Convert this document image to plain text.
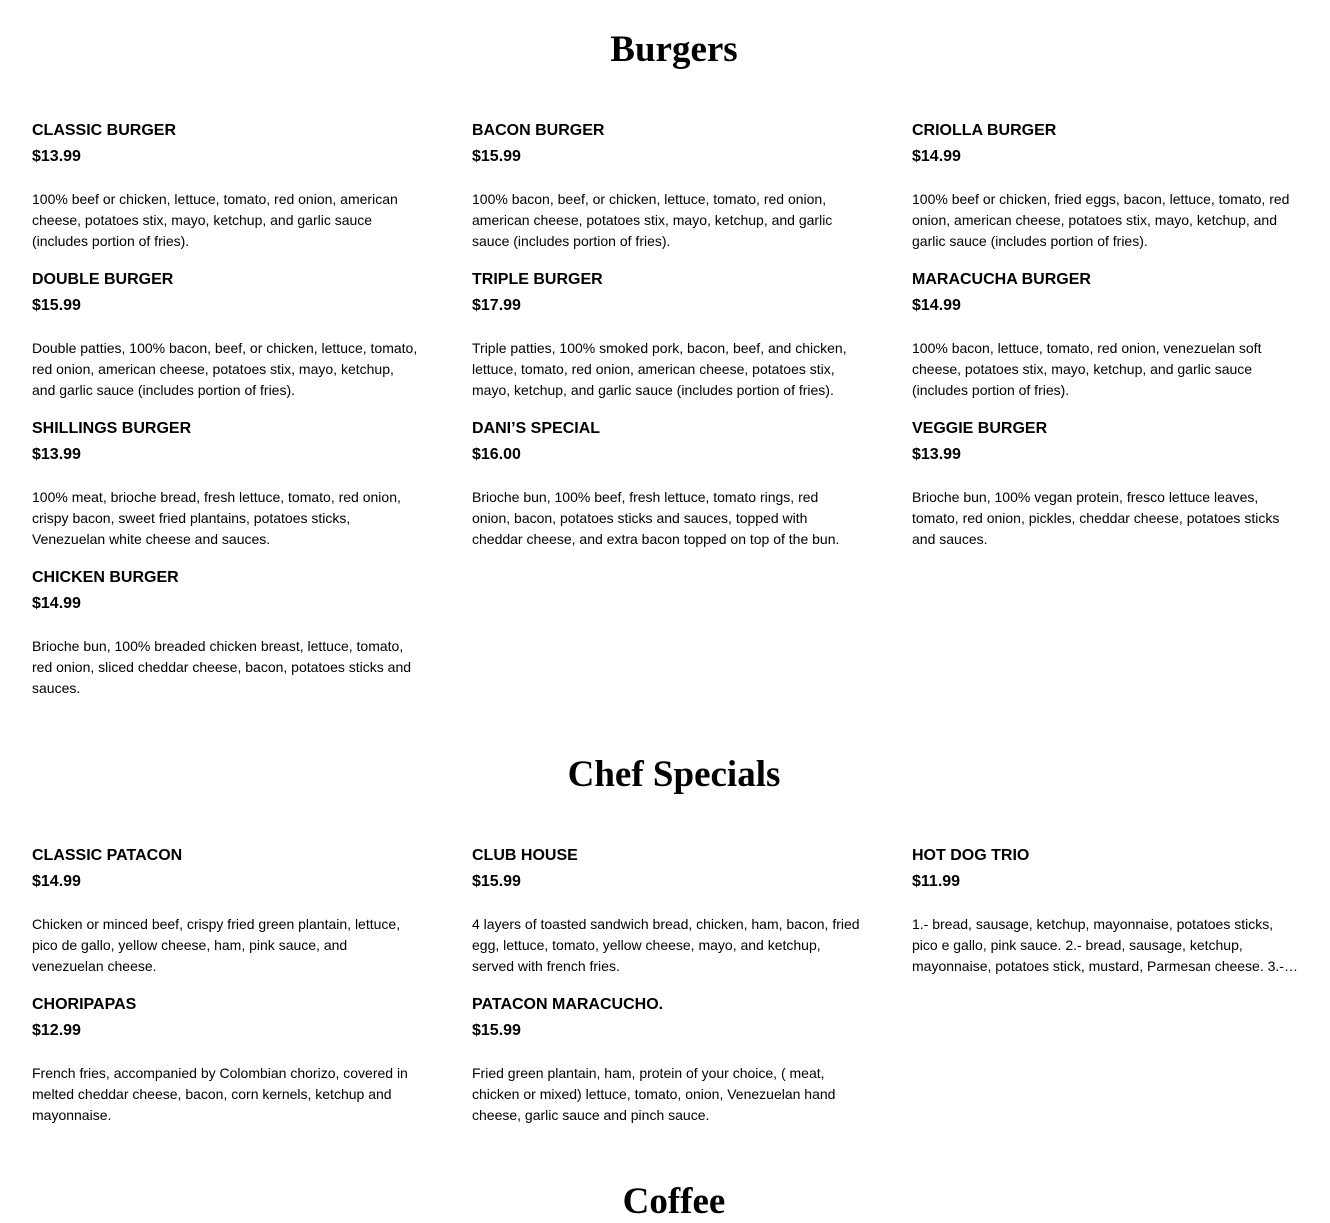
Burgers
CLASSIC BURGER
$13.99
100% beef or chicken, lettuce, tomato, red onion, american cheese, potatoes stix, mayo, ketchup, and garlic sauce (includes portion of fries).
BACON BURGER
$15.99
100% bacon, beef, or chicken, lettuce, tomato, red onion, american cheese, potatoes stix, mayo, ketchup, and garlic sauce (includes portion of fries).
CRIOLLA BURGER
$14.99
100% beef or chicken, fried eggs, bacon, lettuce, tomato, red onion, american cheese, potatoes stix, mayo, ketchup, and garlic sauce (includes portion of fries).
DOUBLE BURGER
$15.99
Double patties, 100% bacon, beef, or chicken, lettuce, tomato, red onion, american cheese, potatoes stix, mayo, ketchup, and garlic sauce (includes portion of fries).
TRIPLE BURGER
$17.99
Triple patties, 100% smoked pork, bacon, beef, and chicken, lettuce, tomato, red onion, american cheese, potatoes stix, mayo, ketchup, and garlic sauce (includes portion of fries).
MARACUCHA BURGER
$14.99
100% bacon, lettuce, tomato, red onion, venezuelan soft cheese, potatoes stix, mayo, ketchup, and garlic sauce (includes portion of fries).
SHILLINGS BURGER
$13.99
100% meat, brioche bread, fresh lettuce, tomato, red onion, crispy bacon, sweet fried plantains, potatoes sticks, Venezuelan white cheese and sauces.
DANI’S SPECIAL
$16.00
Brioche bun, 100% beef, fresh lettuce, tomato rings, red onion, bacon, potatoes sticks and sauces, topped with cheddar cheese, and extra bacon topped on top of the bun.
VEGGIE BURGER
$13.99
Brioche bun, 100% vegan protein, fresco lettuce leaves, tomato, red onion, pickles, cheddar cheese, potatoes sticks and sauces.
CHICKEN BURGER
$14.99
Brioche bun, 100% breaded chicken breast, lettuce, tomato, red onion, sliced cheddar cheese, bacon, potatoes sticks and sauces.
Chef Specials
CLASSIC PATACON
$14.99
Chicken or minced beef, crispy fried green plantain, lettuce, pico de gallo, yellow cheese, ham, pink sauce, and venezuelan cheese.
CLUB HOUSE
$15.99
4 layers of toasted sandwich bread, chicken, ham, bacon, fried egg, lettuce, tomato, yellow cheese, mayo, and ketchup, served with french fries.
HOT DOG TRIO
$11.99
1.- bread, sausage, ketchup, mayonnaise, potatoes sticks, pico e gallo, pink sauce. 2.- bread, sausage, ketchup, mayonnaise, potatoes stick, mustard, Parmesan cheese. 3.-…
CHORIPAPAS
$12.99
French fries, accompanied by Colombian chorizo, covered in melted cheddar cheese, bacon, corn kernels, ketchup and mayonnaise.
PATACON MARACUCHO.
$15.99
Fried green plantain, ham, protein of your choice, ( meat, chicken or mixed) lettuce, tomato, onion, Venezuelan hand cheese, garlic sauce and pinch sauce.
Coffee
